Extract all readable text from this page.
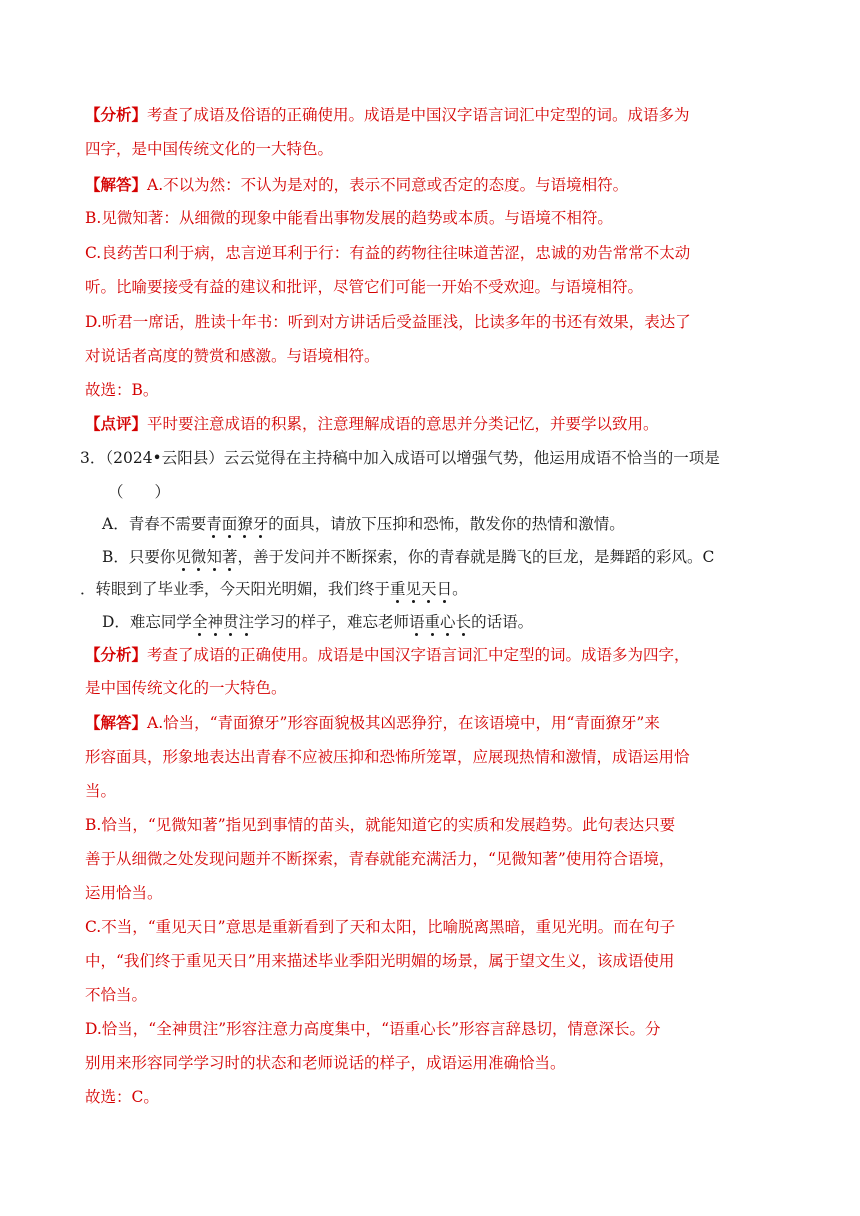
【分析】考查了成语及俗语的正确使用。成语是中国汉字语言词汇中定型的词。成语多为
四字，是中国传统文化的一大特色。
【解答】A.不以为然：不认为是对的，表示不同意或否定的态度。与语境相符。
B.见微知著：从细微的现象中能看出事物发展的趋势或本质。与语境不相符。
C.良药苦口利于病，忠言逆耳利于行：有益的药物往往味道苦涩，忠诚的劝告常常不太动
听。比喻要接受有益的建议和批评，尽管它们可能一开始不受欢迎。与语境相符。
D.听君一席话，胜读十年书：听到对方讲话后受益匪浅，比读多年的书还有效果，表达了
对说话者高度的赞赏和感激。与语境相符。
故选：B。
【点评】平时要注意成语的积累，注意理解成语的意思并分类记忆，并要学以致用。
3．（2024•云阳县）云云觉得在主持稿中加入成语可以增强气势，他运用成语不恰当的一项是
（　　）
A．青春不需要青面獠牙的面具，请放下压抑和恐怖，散发你的热情和激情。
B．只要你见微知著，善于发问并不断探索，你的青春就是腾飞的巨龙，是舞蹈的彩风。C
．转眼到了毕业季，今天阳光明媚，我们终于重见天日。
D．难忘同学全神贯注学习的样子，难忘老师语重心长的话语。
【分析】考查了成语的正确使用。成语是中国汉字语言词汇中定型的词。成语多为四字，
是中国传统文化的一大特色。
【解答】A.恰当，“青面獠牙”形容面貌极其凶恶狰狞，在该语境中，用“青面獠牙”来
形容面具，形象地表达出青春不应被压抑和恐怖所笼罩，应展现热情和激情，成语运用恰
当。
B.恰当，“见微知著”指见到事情的苗头，就能知道它的实质和发展趋势。此句表达只要
善于从细微之处发现问题并不断探索，青春就能充满活力，“见微知著”使用符合语境，
运用恰当。
C.不当，“重见天日”意思是重新看到了天和太阳，比喻脱离黑暗，重见光明。而在句子
中，“我们终于重见天日”用来描述毕业季阳光明媚的场景，属于望文生义，该成语使用
不恰当。
D.恰当，“全神贯注”形容注意力高度集中，“语重心长”形容言辞恳切，情意深长。分
别用来形容同学学习时的状态和老师说话的样子，成语运用准确恰当。
故选：C。
